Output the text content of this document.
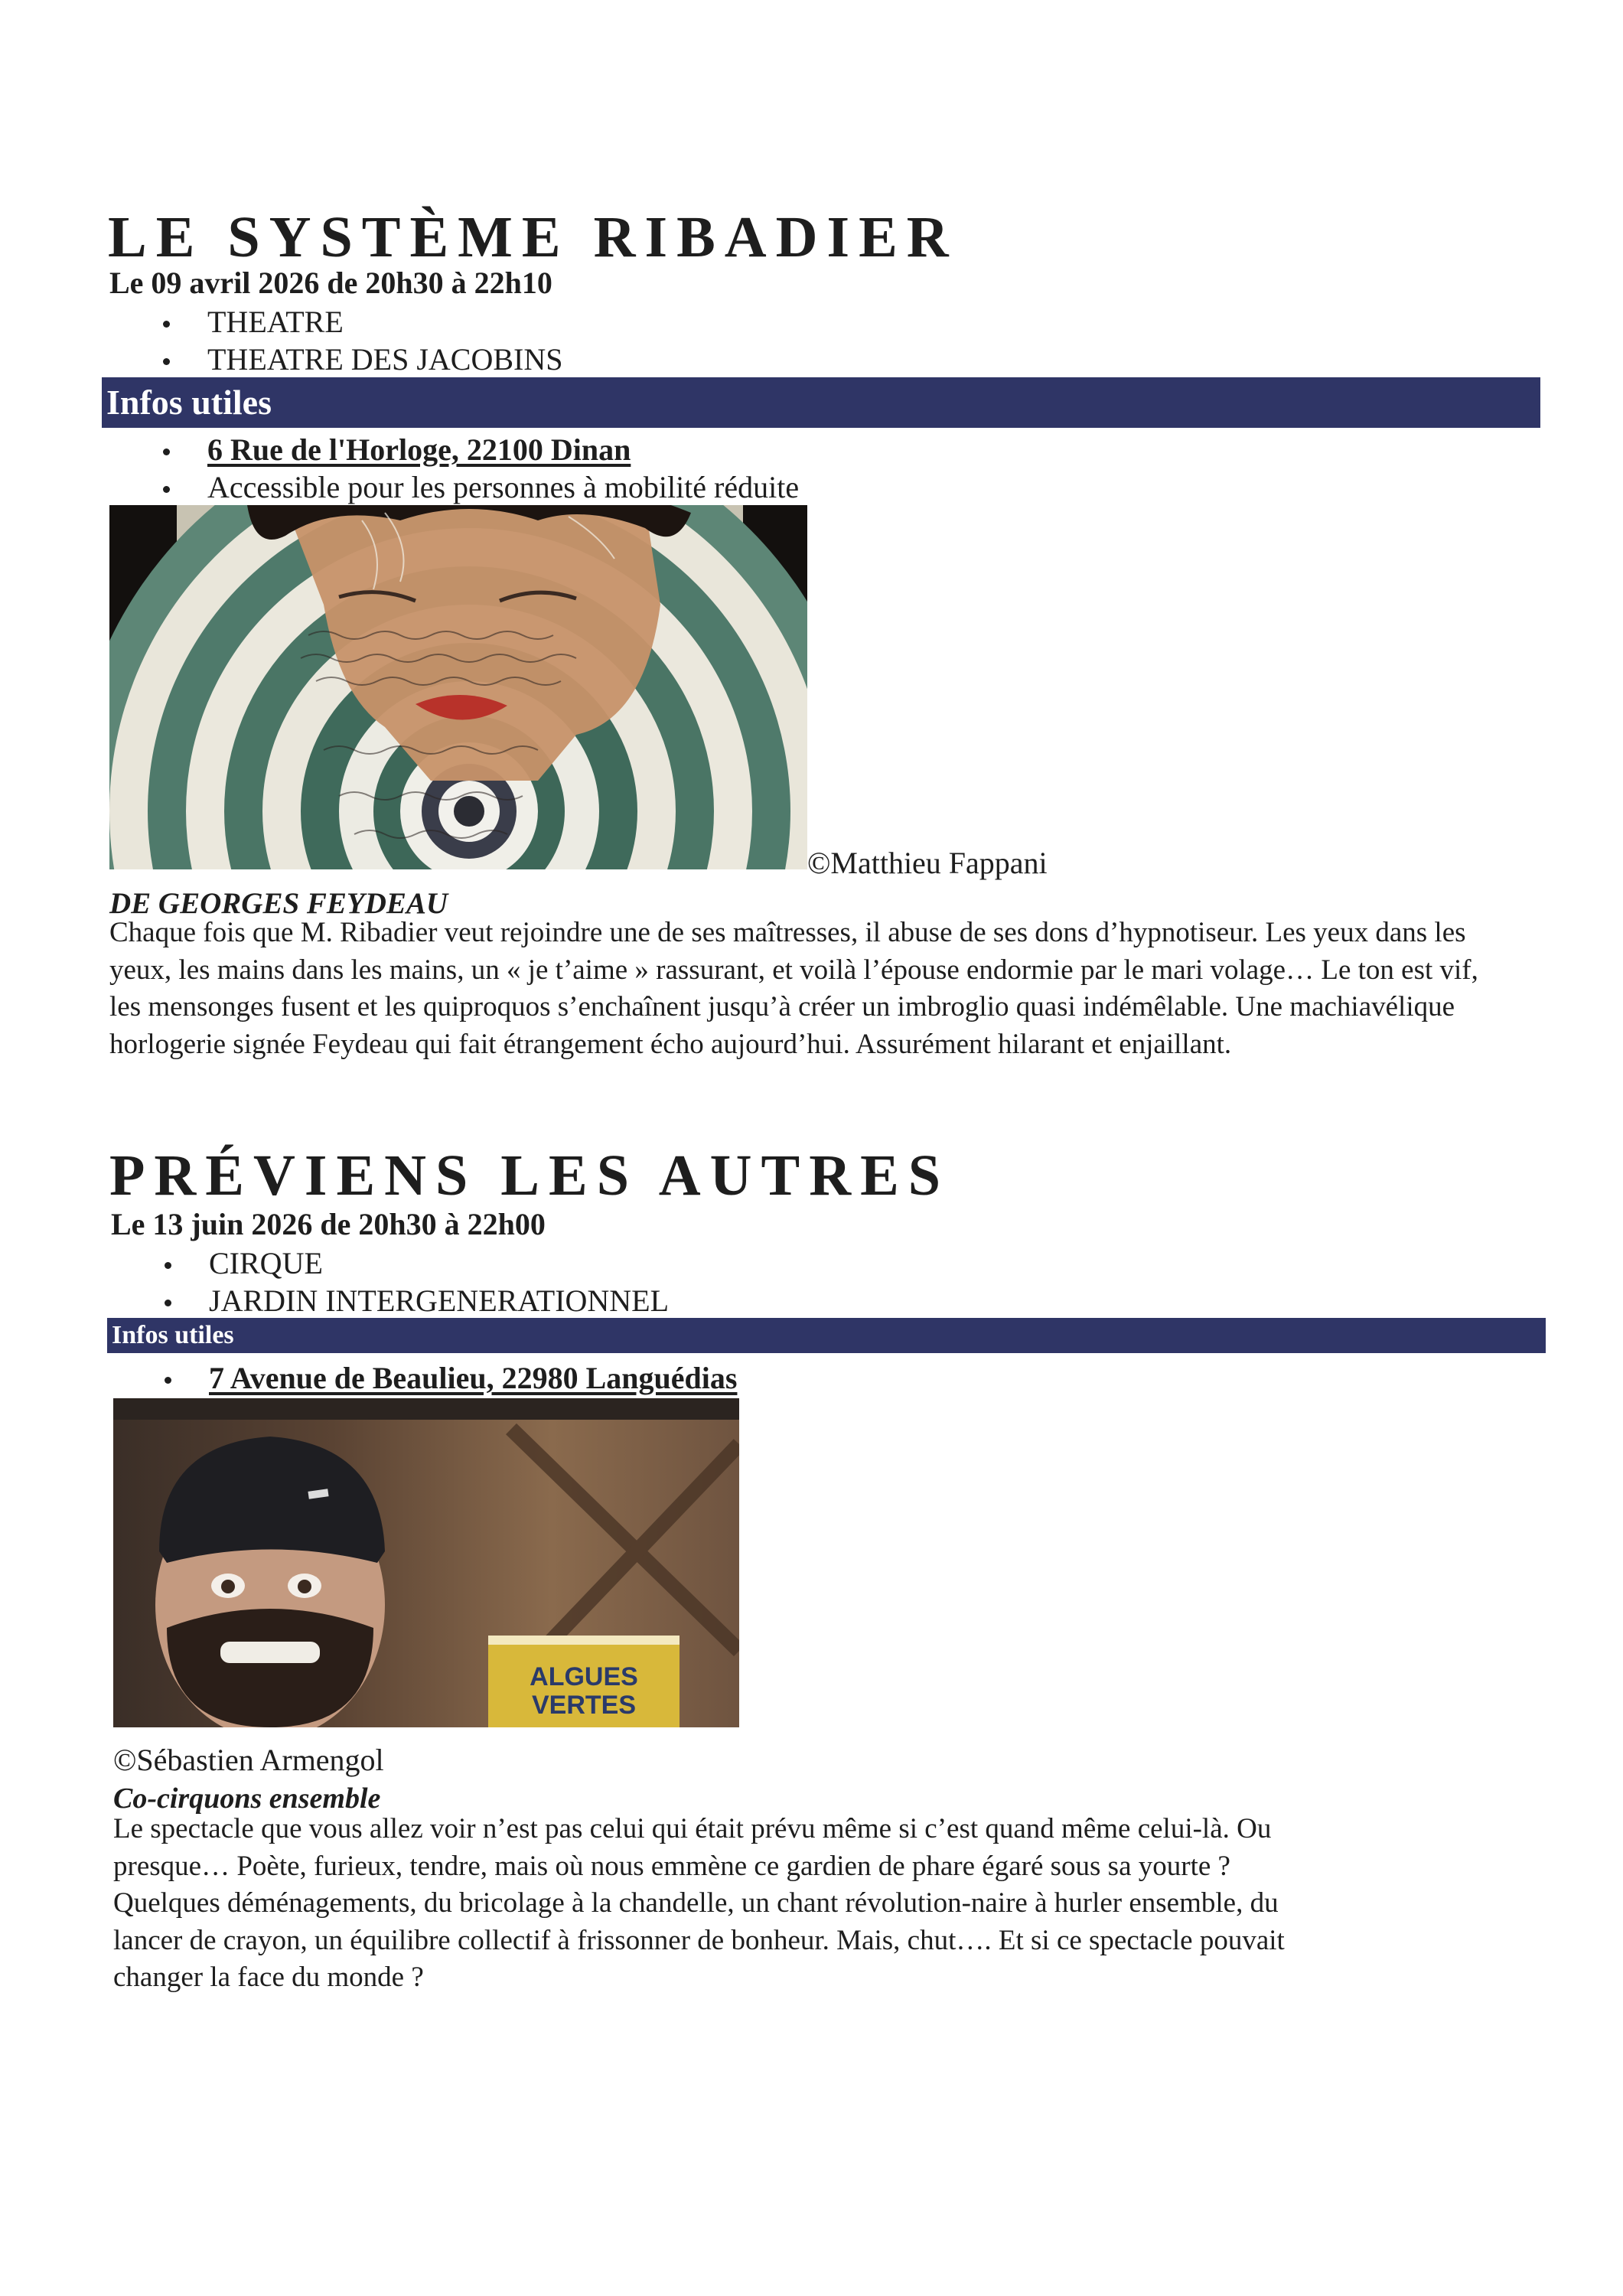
LE SYSTÈME RIBADIER
Le 09 avril 2026 de 20h30 à 22h10
THEATRE
THEATRE DES JACOBINS
Infos utiles
6 Rue de l'Horloge, 22100 Dinan
Accessible pour les personnes à mobilité réduite
©Matthieu Fappani
DE GEORGES FEYDEAU

Chaque fois que M. Ribadier veut rejoindre une de ses maîtresses, il abuse de ses dons d’hypnotiseur. Les yeux dans les yeux, les mains dans les mains, un « je t’aime » rassurant, et voilà l’épouse endormie par le mari volage… Le ton est vif, les mensonges fusent et les quiproquos s’enchaînent jusqu’à créer un imbroglio quasi indémêlable. Une machiavélique horlogerie signée Feydeau qui fait étrangement écho aujourd’hui. Assurément hilarant et enjaillant.

PRÉVIENS LES AUTRES
Le 13 juin 2026 de 20h30 à 22h00
CIRQUE
JARDIN INTERGENERATIONNEL
Infos utiles
7 Avenue de Beaulieu, 22980 Languédias
ALGUES
VERTES
©Sébastien Armengol
Co-cirquons ensemble

Le spectacle que vous allez voir n’est pas celui qui était prévu même si c’est quand même celui-là. Ou presque… Poète, furieux, tendre, mais où nous emmène ce gardien de phare égaré sous sa yourte ? Quelques déménagements, du bricolage à la chandelle, un chant révolution-naire à hurler ensemble, du lancer de crayon, un équilibre collectif à frissonner de bonheur. Mais, chut…. Et si ce spectacle pouvait changer la face du monde ?
